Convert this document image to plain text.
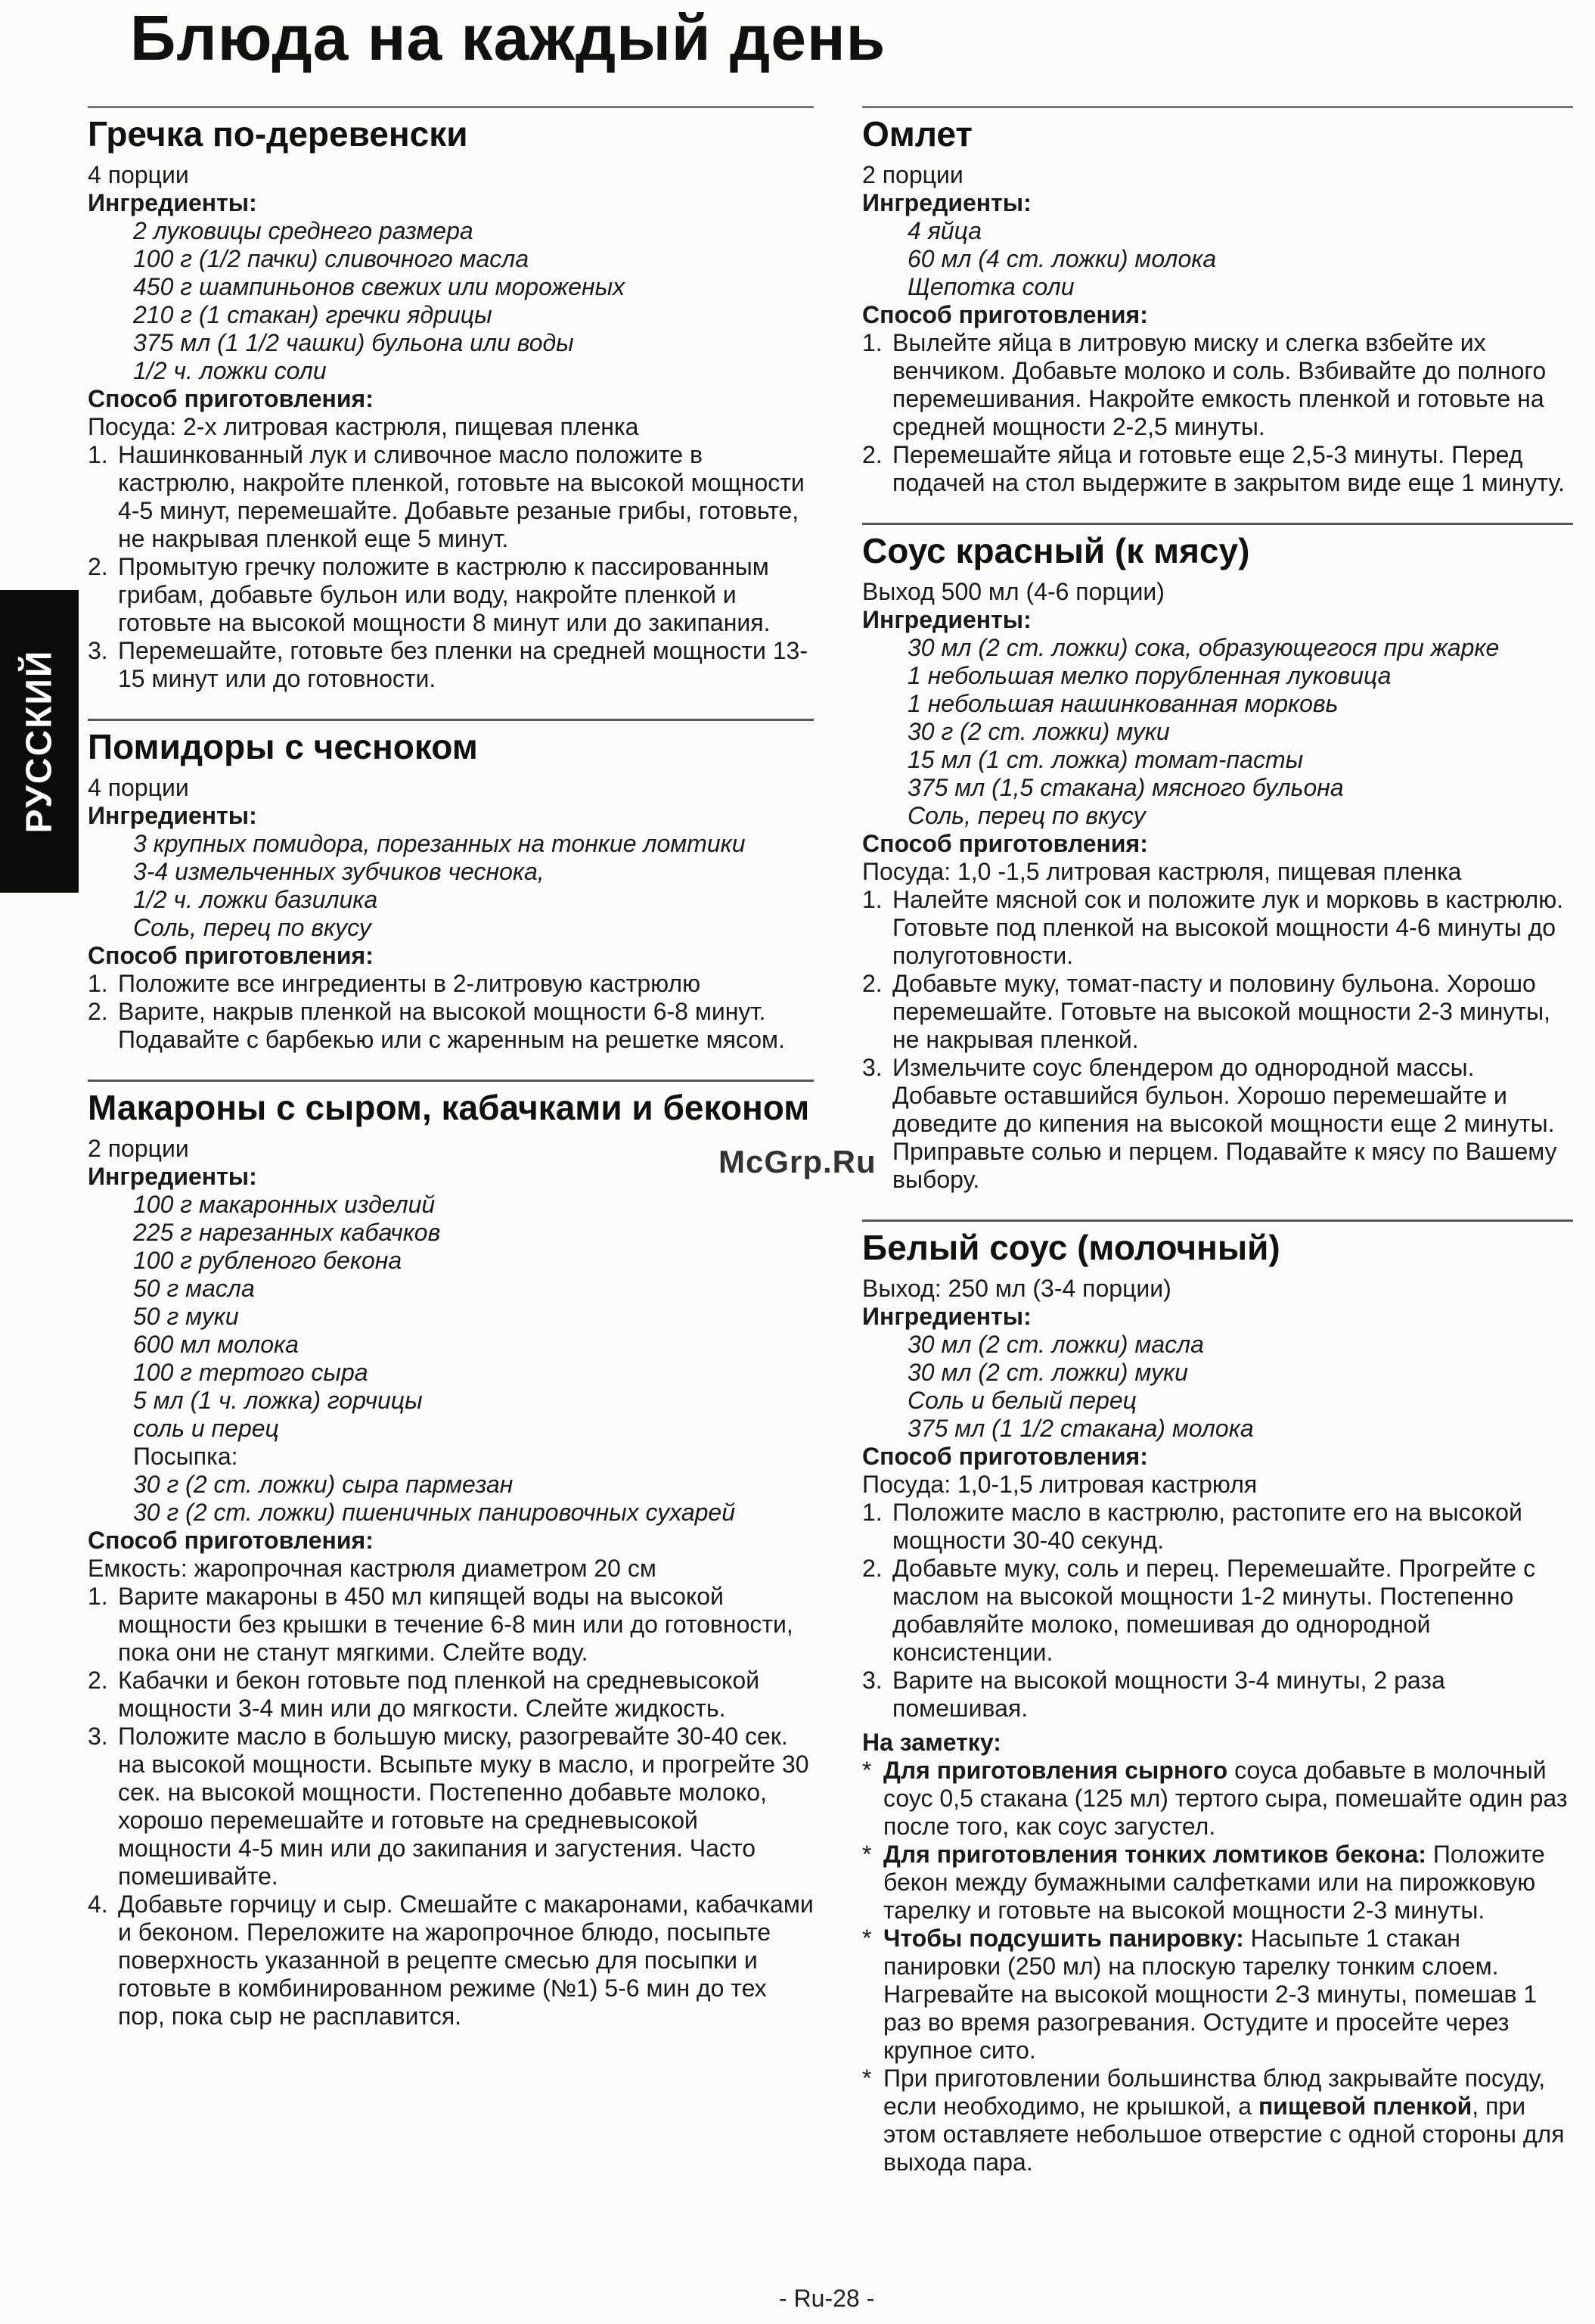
Блюда на каждый день
РУССКИЙ
Гречка по-деревенски
4 порции
Ингредиенты:
2 луковицы среднего размера
100 г (1/2 пачки) сливочного масла
450 г шампиньонов свежих или мороженых
210 г (1 стакан) гречки ядрицы
375 мл (1 1/2 чашки) бульона или воды
1/2 ч. ложки соли
Способ приготовления:
Посуда: 2-х литровая кастрюля, пищевая пленка
1. Нашинкованный лук и сливочное масло положите в кастрюлю, накройте пленкой, готовьте на высокой мощности 4-5 минут, перемешайте. Добавьте резаные грибы, готовьте, не накрывая пленкой еще 5 минут.
2. Промытую гречку положите в кастрюлю к пассированным грибам, добавьте бульон или воду, накройте пленкой и готовьте на высокой мощности 8 минут или до закипания.
3. Перемешайте, готовьте без пленки на средней мощности 13-15 минут или до готовности.
Помидоры с чесноком
4 порции
Ингредиенты:
3 крупных помидора, порезанных на тонкие ломтики
3-4 измельченных зубчиков чеснока,
1/2 ч. ложки базилика
Соль, перец по вкусу
Способ приготовления:
1. Положите все ингредиенты в 2-литровую кастрюлю
2. Варите, накрыв пленкой на высокой мощности 6-8 минут. Подавайте с барбекью или с жаренным на решетке мясом.
Макароны с сыром, кабачками и беконом
2 порции
Ингредиенты:
100 г макаронных изделий
225 г нарезанных кабачков
100 г рубленого бекона
50 г масла
50 г муки
600 мл молока
100 г тертого сыра
5 мл (1 ч. ложка) горчицы
соль и перец
Посыпка:
30 г (2 ст. ложки) сыра пармезан
30 г (2 ст. ложки) пшеничных панировочных сухарей
Способ приготовления:
Емкость: жаропрочная кастрюля диаметром 20 см
1. Варите макароны в 450 мл кипящей воды на высокой мощности без крышки в течение 6-8 мин или до готовности, пока они не станут мягкими. Слейте воду.
2. Кабачки и бекон готовьте под пленкой на средневысокой мощности 3-4 мин или до мягкости. Слейте жидкость.
3. Положите масло в большую миску, разогревайте 30-40 сек. на высокой мощности. Всыпьте муку в масло, и прогрейте 30 сек. на высокой мощности. Постепенно добавьте молоко, хорошо перемешайте и готовьте на средневысокой мощности 4-5 мин или до закипания и загустения. Часто помешивайте.
4. Добавьте горчицу и сыр. Смешайте с макаронами, кабачками и беконом. Переложите на жаропрочное блюдо, посыпьте поверхность указанной в рецепте смесью для посыпки и готовьте в комбинированном режиме (№1) 5-6 мин до тех пор, пока сыр не расплавится.
Омлет
2 порции
Ингредиенты:
4 яйца
60 мл (4 ст. ложки) молока
Щепотка соли
Способ приготовления:
1. Вылейте яйца в литровую миску и слегка взбейте их венчиком. Добавьте молоко и соль. Взбивайте до полного перемешивания. Накройте емкость пленкой и готовьте на средней мощности 2-2,5 минуты.
2. Перемешайте яйца и готовьте еще 2,5-3 минуты. Перед подачей на стол выдержите в закрытом виде еще 1 минуту.
Соус красный (к мясу)
Выход 500 мл (4-6 порции)
Ингредиенты:
30 мл (2 ст. ложки) сока, образующегося при жарке
1 небольшая мелко порубленная луковица
1 небольшая нашинкованная морковь
30 г (2 ст. ложки) муки
15 мл (1 ст. ложка) томат-пасты
375 мл (1,5 стакана) мясного бульона
Соль, перец по вкусу
Способ приготовления:
Посуда: 1,0 -1,5 литровая кастрюля, пищевая пленка
1. Налейте мясной сок и положите лук и морковь в кастрюлю. Готовьте под пленкой на высокой мощности 4-6 минуты до полуготовности.
2. Добавьте муку, томат-пасту и половину бульона. Хорошо перемешайте. Готовьте на высокой мощности 2-3 минуты, не накрывая пленкой.
3. Измельчите соус блендером до однородной массы. Добавьте оставшийся бульон. Хорошо перемешайте и доведите до кипения на высокой мощности еще 2 минуты. Приправьте солью и перцем. Подавайте к мясу по Вашему выбору.
Белый соус (молочный)
Выход: 250 мл (3-4 порции)
Ингредиенты:
30 мл (2 ст. ложки) масла
30 мл (2 ст. ложки) муки
Соль и белый перец
375 мл (1 1/2 стакана) молока
Способ приготовления:
Посуда: 1,0-1,5 литровая кастрюля
1. Положите масло в кастрюлю, растопите его на высокой мощности 30-40 секунд.
2. Добавьте муку, соль и перец. Перемешайте. Прогрейте с маслом на высокой мощности 1-2 минуты. Постепенно добавляйте молоко, помешивая до однородной консистенции.
3. Варите на высокой мощности 3-4 минуты, 2 раза помешивая.
На заметку:
* Для приготовления сырного соуса добавьте в молочный соус 0,5 стакана (125 мл) тертого сыра, помешайте один раз после того, как соус загустел.
* Для приготовления тонких ломтиков бекона: Положите бекон между бумажными салфетками или на пирожковую тарелку и готовьте на высокой мощности 2-3 минуты.
* Чтобы подсушить панировку: Насыпьте 1 стакан панировки (250 мл) на плоскую тарелку тонким слоем. Нагревайте на высокой мощности 2-3 минуты, помешав 1 раз во время разогревания. Остудите и просейте через крупное сито.
* При приготовлении большинства блюд закрывайте посуду, если необходимо, не крышкой, а пищевой пленкой, при этом оставляете небольшое отверстие с одной стороны для выхода пара.
McGrp.Ru
- Ru-28 -
